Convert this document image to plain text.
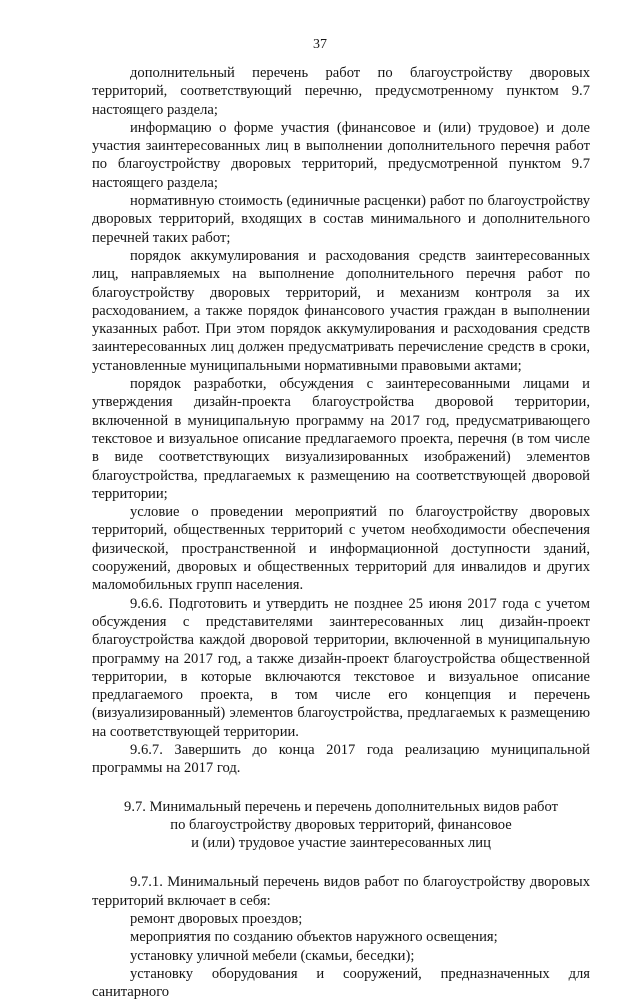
37

дополнительный перечень работ по благоустройству дворовых территорий, соответствующий перечню, предусмотренному пунктом 9.7 настоящего раздела;

информацию о форме участия (финансовое и (или) трудовое) и доле участия заинтересованных лиц в выполнении дополнительного перечня работ по благоустройству дворовых территорий, предусмотренной пунктом 9.7 настоящего раздела;

нормативную стоимость (единичные расценки) работ по благоустройству дворовых территорий, входящих в состав минимального и дополнительного перечней таких работ;

порядок аккумулирования и расходования средств заинтересованных лиц, направляемых на выполнение дополнительного перечня работ по благоустройству дворовых территорий, и механизм контроля за их расходованием, а также порядок финансового участия граждан в выполнении указанных работ. При этом порядок аккумулирования и расходования средств заинтересованных лиц должен предусматривать перечисление средств в сроки, установленные муниципальными нормативными правовыми актами;

порядок разработки, обсуждения с заинтересованными лицами и утверждения дизайн-проекта благоустройства дворовой территории, включенной в муниципальную программу на 2017 год, предусматривающего текстовое и визуальное описание предлагаемого проекта, перечня (в том числе в виде соответствующих визуализированных изображений) элементов благоустройства, предлагаемых к размещению на соответствующей дворовой территории;

условие о проведении мероприятий по благоустройству дворовых территорий, общественных территорий с учетом необходимости обеспечения физической, пространственной и информационной доступности зданий, сооружений, дворовых и общественных территорий для инвалидов и других маломобильных групп населения.

9.6.6. Подготовить и утвердить не позднее 25 июня 2017 года с учетом обсуждения с представителями заинтересованных лиц дизайн-проект благоустройства каждой дворовой территории, включенной в муниципальную программу на 2017 год, а также дизайн-проект благоустройства общественной территории, в которые включаются текстовое и визуальное описание предлагаемого проекта, в том числе его концепция и перечень (визуализированный) элементов благоустройства, предлагаемых к размещению на соответствующей территории.

9.6.7. Завершить до конца 2017 года реализацию муниципальной программы на 2017 год.

9.7. Минимальный перечень и перечень дополнительных видов работ
по благоустройству дворовых территорий, финансовое
и (или) трудовое участие заинтересованных лиц

9.7.1. Минимальный перечень видов работ по благоустройству дворовых территорий включает в себя:

ремонт дворовых проездов;

мероприятия по созданию объектов наружного освещения;

установку уличной мебели (скамьи, беседки);

установку оборудования и сооружений, предназначенных для санитарного
